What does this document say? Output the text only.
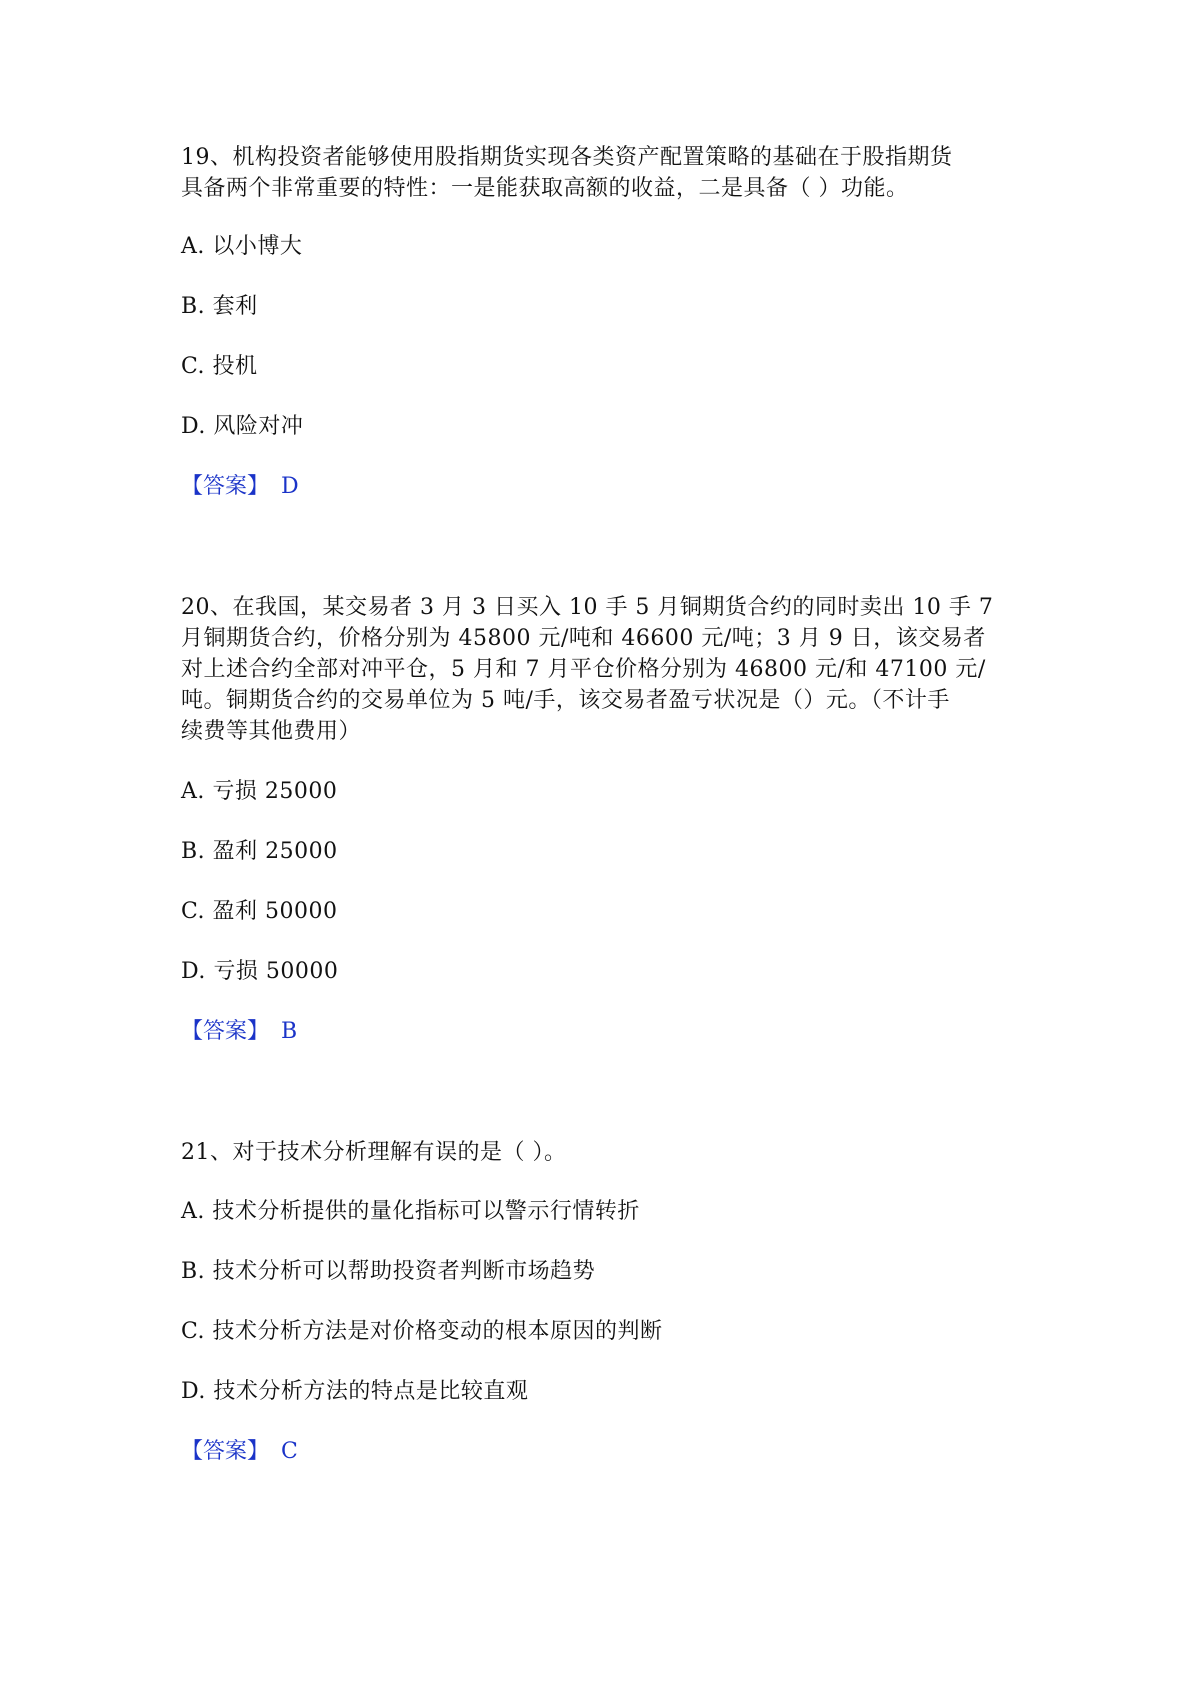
19、机构投资者能够使用股指期货实现各类资产配置策略的基础在于股指期货
具备两个非常重要的特性：一是能获取高额的收益，二是具备（ ）功能。

A. 以小博大

B. 套利

C. 投机

D. 风险对冲

【答案】 D

20、在我国，某交易者 3 月 3 日买入 10 手 5 月铜期货合约的同时卖出 10 手 7
月铜期货合约，价格分别为 45800 元/吨和 46600 元/吨；3 月 9 日，该交易者
对上述合约全部对冲平仓，5 月和 7 月平仓价格分别为 46800 元/和 47100 元/
吨。铜期货合约的交易单位为 5 吨/手，该交易者盈亏状况是（）元。（不计手
续费等其他费用）

A. 亏损 25000

B. 盈利 25000

C. 盈利 50000

D. 亏损 50000

【答案】 B

21、对于技术分析理解有误的是（ ）。

A. 技术分析提供的量化指标可以警示行情转折

B. 技术分析可以帮助投资者判断市场趋势

C. 技术分析方法是对价格变动的根本原因的判断

D. 技术分析方法的特点是比较直观

【答案】 C
